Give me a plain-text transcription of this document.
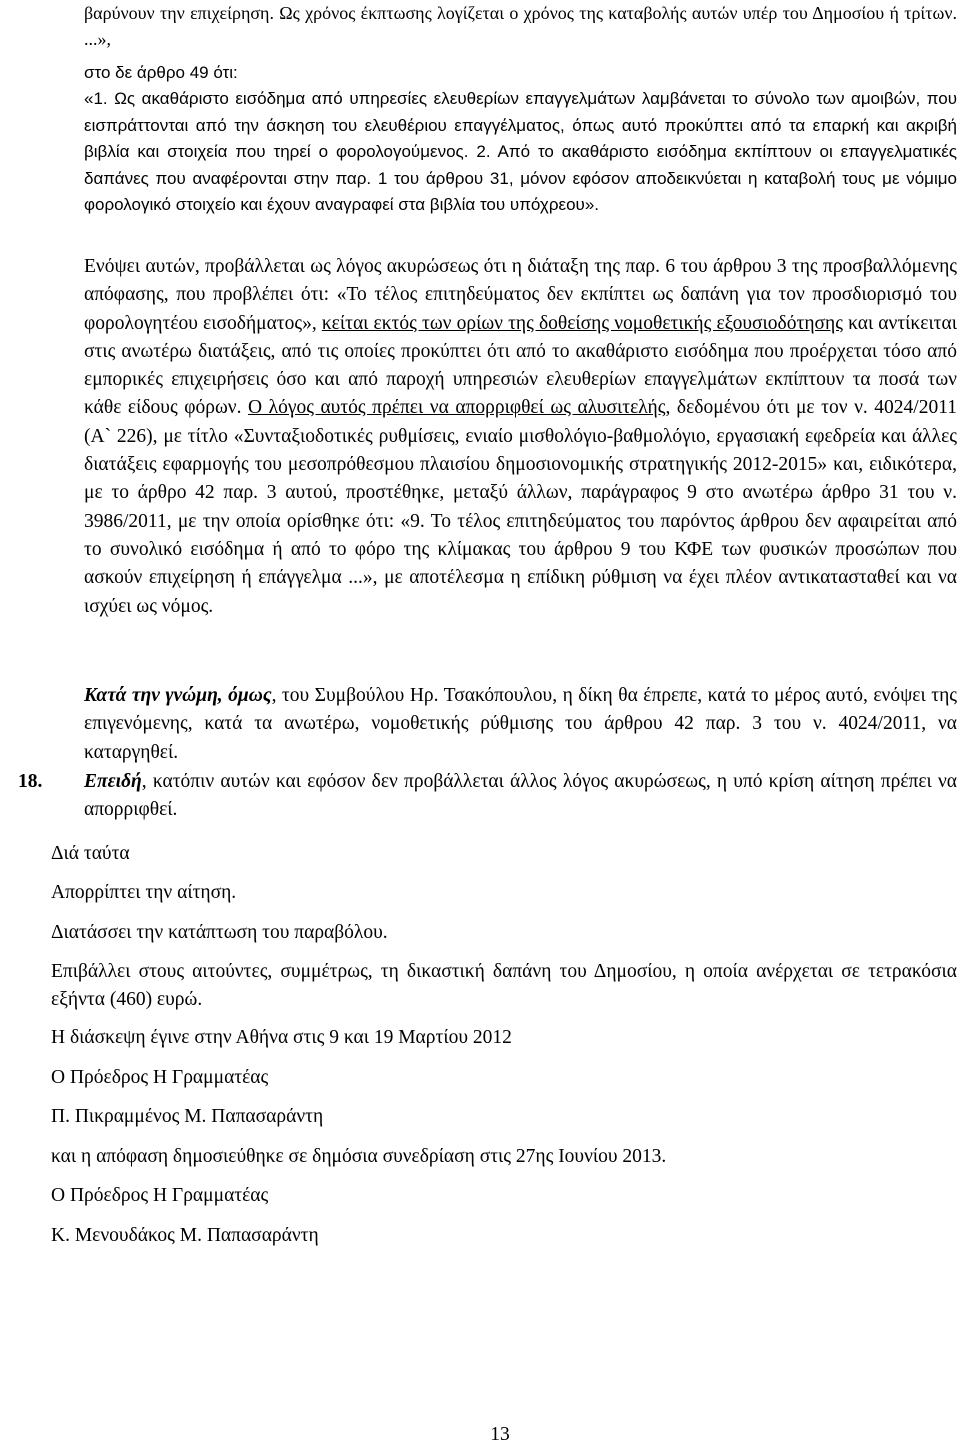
βαρύνουν την επιχείρηση. Ως χρόνος έκπτωσης λογίζεται ο χρόνος της καταβολής αυτών υπέρ του Δημοσίου ή τρίτων. ...»,

στο δε άρθρο 49 ότι:

«1. Ως ακαθάριστο εισόδημα από υπηρεσίες ελευθερίων επαγγελμάτων λαμβάνεται το σύνολο των αμοιβών, που εισπράττονται από την άσκηση του ελευθέριου επαγγέλματος, όπως αυτό προκύπτει από τα επαρκή και ακριβή βιβλία και στοιχεία που τηρεί ο φορολογούμενος. 2. Από το ακαθάριστο εισόδημα εκπίπτουν οι επαγγελματικές δαπάνες που αναφέρονται στην παρ. 1 του άρθρου 31, μόνον εφόσον αποδεικνύεται η καταβολή τους με νόμιμο φορολογικό στοιχείο και έχουν αναγραφεί στα βιβλία του υπόχρεου».

Ενόψει αυτών, προβάλλεται ως λόγος ακυρώσεως ότι η διάταξη της παρ. 6 του άρθρου 3 της προσβαλλόμενης απόφασης, που προβλέπει ότι: «Το τέλος επιτηδεύματος δεν εκπίπτει ως δαπάνη για τον προσδιορισμό του φορολογητέου εισοδήματος», κείται εκτός των ορίων της δοθείσης νομοθετικής εξουσιοδότησης και αντίκειται στις ανωτέρω διατάξεις, από τις οποίες προκύπτει ότι από το ακαθάριστο εισόδημα που προέρχεται τόσο από εμπορικές επιχειρήσεις όσο και από παροχή υπηρεσιών ελευθερίων επαγγελμάτων εκπίπτουν τα ποσά των κάθε είδους φόρων. Ο λόγος αυτός πρέπει να απορριφθεί ως αλυσιτελής, δεδομένου ότι με τον ν. 4024/2011 (Α` 226), με τίτλο «Συνταξιοδοτικές ρυθμίσεις, ενιαίο μισθολόγιο-βαθμολόγιο, εργασιακή εφεδρεία και άλλες διατάξεις εφαρμογής του μεσοπρόθεσμου πλαισίου δημοσιονομικής στρατηγικής 2012-2015» και, ειδικότερα, με το άρθρο 42 παρ. 3 αυτού, προστέθηκε, μεταξύ άλλων, παράγραφος 9 στο ανωτέρω άρθρο 31 του ν. 3986/2011, με την οποία ορίσθηκε ότι: «9. Το τέλος επιτηδεύματος του παρόντος άρθρου δεν αφαιρείται από το συνολικό εισόδημα ή από το φόρο της κλίμακας του άρθρου 9 του ΚΦΕ των φυσικών προσώπων που ασκούν επιχείρηση ή επάγγελμα ...», με αποτέλεσμα η επίδικη ρύθμιση να έχει πλέον αντικατασταθεί και να ισχύει ως νόμος.

Κατά την γνώμη, όμως, του Συμβούλου Ηρ. Τσακόπουλου, η δίκη θα έπρεπε, κατά το μέρος αυτό, ενόψει της επιγενόμενης, κατά τα ανωτέρω, νομοθετικής ρύθμισης του άρθρου 42 παρ. 3 του ν. 4024/2011, να καταργηθεί.

18. Επειδή, κατόπιν αυτών και εφόσον δεν προβάλλεται άλλος λόγος ακυρώσεως, η υπό κρίση αίτηση πρέπει να απορριφθεί.

Διά ταύτα

Απορρίπτει την αίτηση.

Διατάσσει την κατάπτωση του παραβόλου.

Επιβάλλει στους αιτούντες, συμμέτρως, τη δικαστική δαπάνη του Δημοσίου, η οποία ανέρχεται σε τετρακόσια εξήντα (460) ευρώ.

Η διάσκεψη έγινε στην Αθήνα στις 9 και 19 Μαρτίου 2012

Ο Πρόεδρος Η Γραμματέας

Π. Πικραμμένος Μ. Παπασαράντη

και η απόφαση δημοσιεύθηκε σε δημόσια συνεδρίαση στις 27ης Ιουνίου 2013.

Ο Πρόεδρος Η Γραμματέας

Κ. Μενουδάκος Μ. Παπασαράντη

13
